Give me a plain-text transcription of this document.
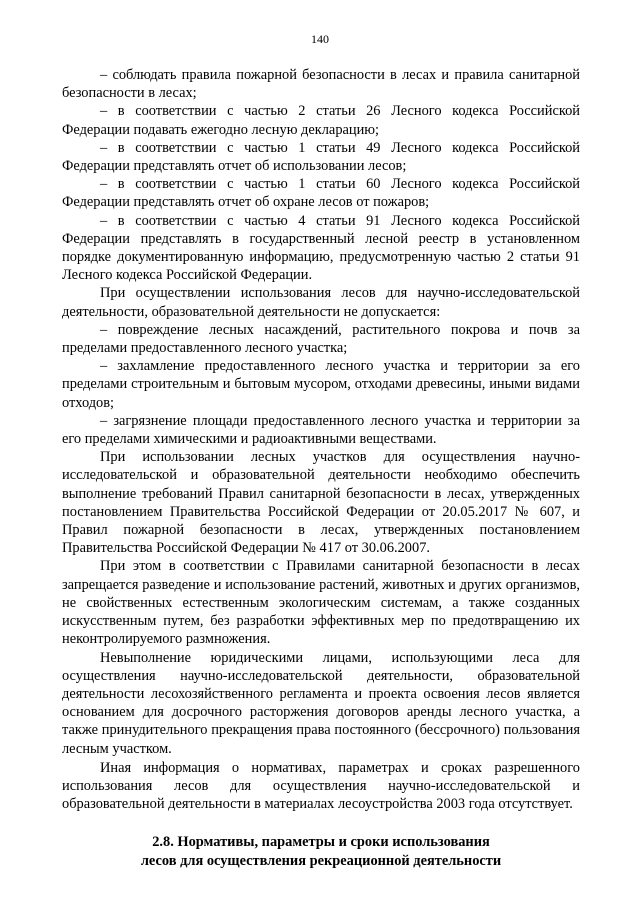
140

– соблюдать правила пожарной безопасности в лесах и правила санитарной безопасности в лесах;

– в соответствии с частью 2 статьи 26 Лесного кодекса Российской Федерации подавать ежегодно лесную декларацию;

– в соответствии с частью 1 статьи 49 Лесного кодекса Российской Федерации представлять отчет об использовании лесов;

– в соответствии с частью 1 статьи 60 Лесного кодекса Российской Федерации представлять отчет об охране лесов от пожаров;

– в соответствии с частью 4 статьи 91 Лесного кодекса Российской Федерации представлять в государственный лесной реестр в установленном порядке документированную информацию, предусмотренную частью 2 статьи 91 Лесного кодекса Российской Федерации.

При осуществлении использования лесов для научно-исследовательской деятельности, образовательной деятельности не допускается:

– повреждение лесных насаждений, растительного покрова и почв за пределами предоставленного лесного участка;

– захламление предоставленного лесного участка и территории за его пределами строительным и бытовым мусором, отходами древесины, иными видами отходов;

– загрязнение площади предоставленного лесного участка и территории за его пределами химическими и радиоактивными веществами.

При использовании лесных участков для осуществления научно-исследовательской и образовательной деятельности необходимо обеспечить выполнение требований Правил санитарной безопасности в лесах, утвержденных постановлением Правительства Российской Федерации от 20.05.2017 № 607, и Правил пожарной безопасности в лесах, утвержденных постановлением Правительства Российской Федерации № 417 от 30.06.2007.

При этом в соответствии с Правилами санитарной безопасности в лесах запрещается разведение и использование растений, животных и других организмов, не свойственных естественным экологическим системам, а также созданных искусственным путем, без разработки эффективных мер по предотвращению их неконтролируемого размножения.

Невыполнение юридическими лицами, использующими леса для осуществления научно-исследовательской деятельности, образовательной деятельности лесохозяйственного регламента и проекта освоения лесов является основанием для досрочного расторжения договоров аренды лесного участка, а также принудительного прекращения права постоянного (бессрочного) пользования лесным участком.

Иная информация о нормативах, параметрах и сроках разрешенного использования лесов для осуществления научно-исследовательской и образовательной деятельности в материалах лесоустройства 2003 года отсутствует.

2.8. Нормативы, параметры и сроки использования
лесов для осуществления рекреационной деятельности
